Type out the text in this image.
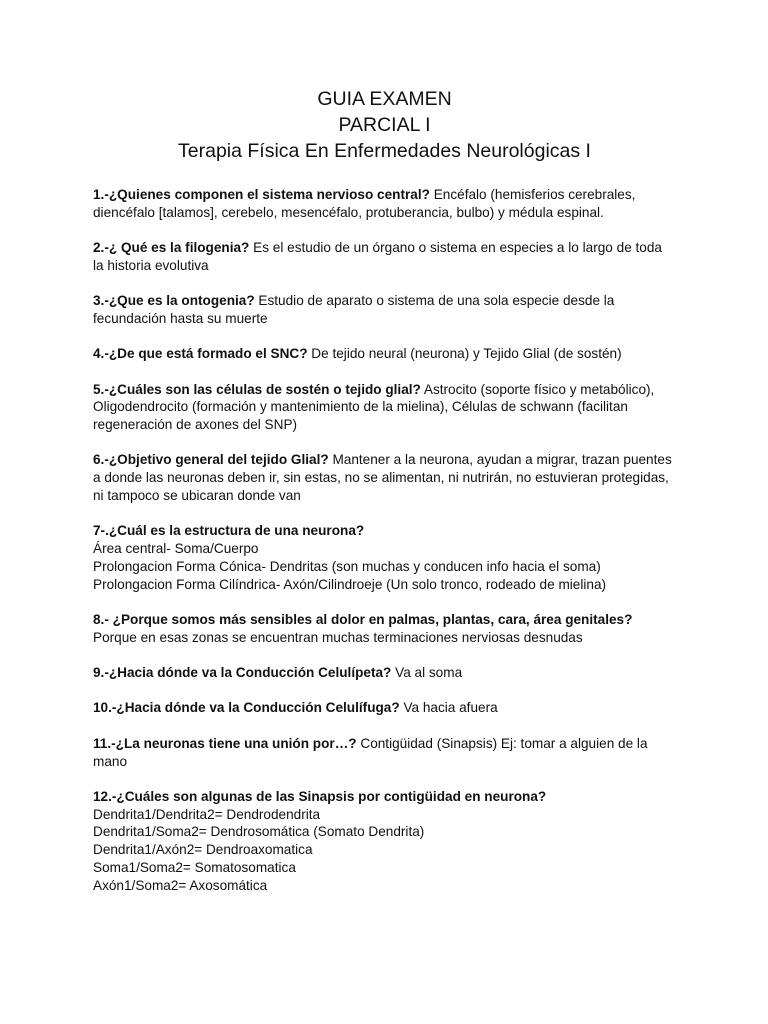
GUIA EXAMEN
PARCIAL I
Terapia Física En Enfermedades Neurológicas I

1.-¿Quienes componen el sistema nervioso central? Encéfalo (hemisferios cerebrales, diencéfalo [talamos], cerebelo, mesencéfalo, protuberancia, bulbo) y médula espinal.

2.-¿ Qué es la filogenia? Es el estudio de un órgano o sistema en especies a lo largo de toda la historia evolutiva

3.-¿Que es la ontogenia? Estudio de aparato o sistema de una sola especie desde la fecundación hasta su muerte

4.-¿De que está formado el SNC? De tejido neural (neurona) y Tejido Glial (de sostén)

5.-¿Cuáles son las células de sostén o tejido glial? Astrocito (soporte físico y metabólico), Oligodendrocito (formación y mantenimiento de la mielina), Células de schwann (facilitan regeneración de axones del SNP)

6.-¿Objetivo general del tejido Glial? Mantener a la neurona, ayudan a migrar, trazan puentes a donde las neuronas deben ir, sin estas, no se alimentan, ni nutrirán, no estuvieran protegidas, ni tampoco se ubicaran donde van

7-.¿Cuál es la estructura de una neurona?
Área central- Soma/Cuerpo
Prolongacion Forma Cónica- Dendritas (son muchas y conducen info hacia el soma)
Prolongacion Forma Cilíndrica- Axón/Cilindroeje (Un solo tronco, rodeado de mielina)

8.- ¿Porque somos más sensibles al dolor en palmas, plantas, cara, área genitales?
Porque en esas zonas se encuentran muchas terminaciones nerviosas desnudas

9.-¿Hacia dónde va la Conducción Celulípeta? Va al soma

10.-¿Hacia dónde va la Conducción Celulífuga? Va hacia afuera

11.-¿La neuronas tiene una unión por…? Contigüidad (Sinapsis) Ej: tomar a alguien de la mano

12.-¿Cuáles son algunas de las Sinapsis por contigüidad en neurona?
Dendrita1/Dendrita2= Dendrodendrita
Dendrita1/Soma2= Dendrosomática (Somato Dendrita)
Dendrita1/Axón2= Dendroaxomatica
Soma1/Soma2= Somatosomatica
Axón1/Soma2= Axosomática
